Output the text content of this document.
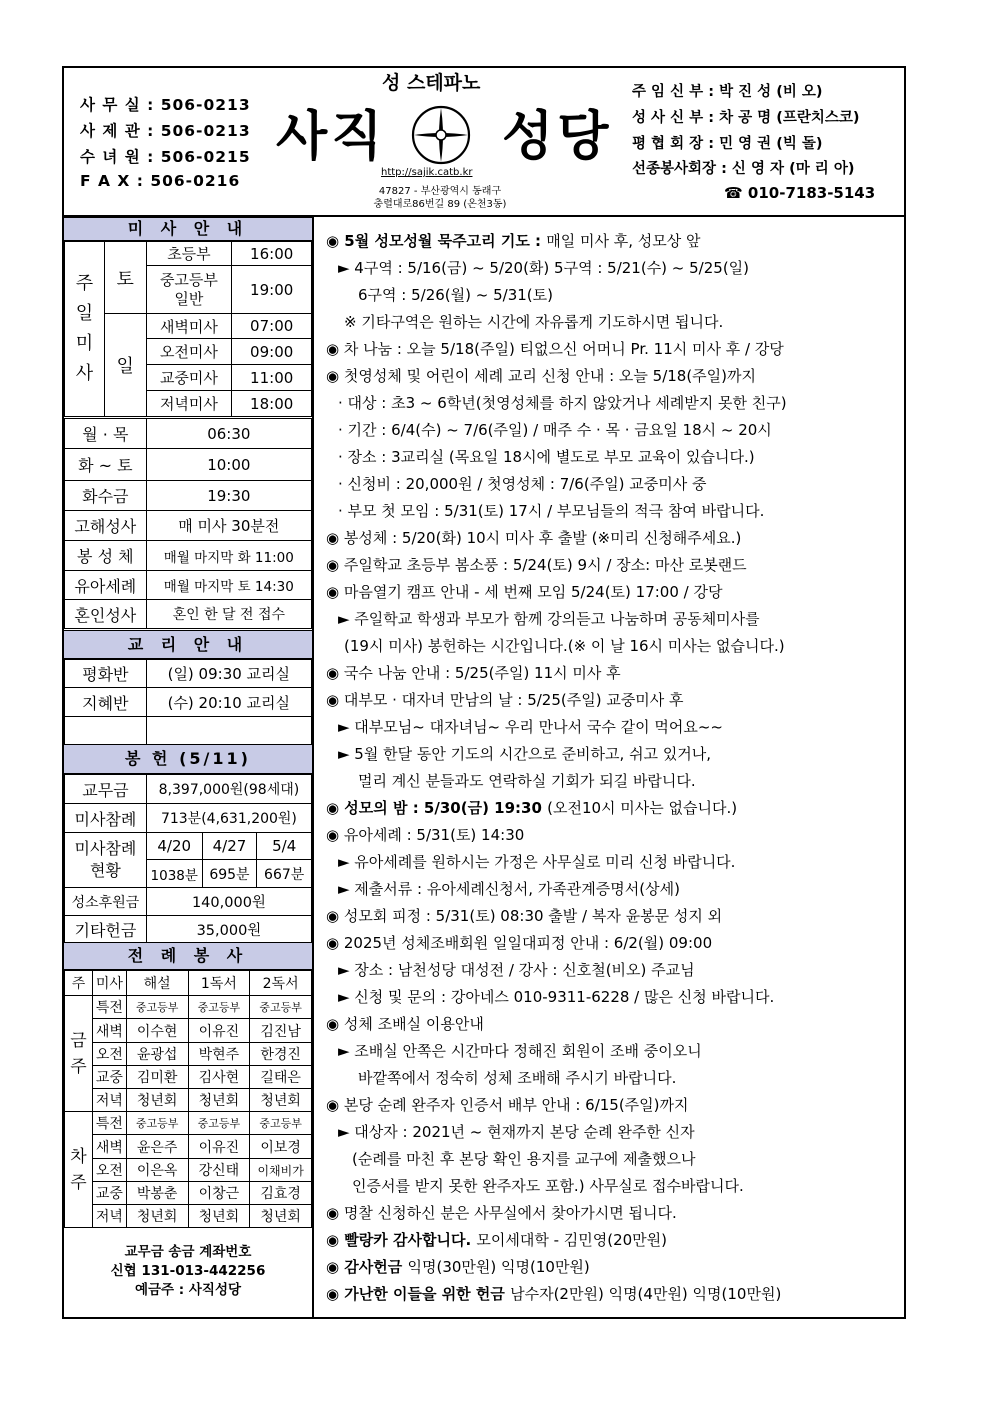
사 무 실 : 506-0213
사 제 관 : 506-0213
수 녀 원 : 506-0215
F A X : 506-0216
성 스테파노
사직 성당
http://sajik.catb.kr
47827 - 부산광역시 동래구
충렬대로86번길 89 (온천3동)
주 임 신 부 : 박 진 성 (비 오)
성 사 신 부 : 차 공 명 (프란치스코)
평 협 회 장 : 민 영 권 (빅 돌)
선종봉사회장 : 신 영 자 (마 리 아)
☎ 010-7183-5143
미 사 안 내
주 일 미 사	토	초등부	16:00
		중고등부 일반	19:00
	일	새벽미사	07:00
		오전미사	09:00
		교중미사	11:00
		저녁미사	18:00
월 · 목	06:30
화 ~ 토	10:00
화수금	19:30
고해성사	매 미사 30분전
봉 성 체	매월 마지막 화 11:00
유아세례	매월 마지막 토 14:30
혼인성사	혼인 한 달 전 접수
교 리 안 내
평화반	(일) 09:30 교리실
지혜반	(수) 20:10 교리실

봉 헌 (5/11)
교무금	8,397,000원(98세대)		
미사참례	713분(4,631,200원)		
미사참례 현황	4/20	4/27	5/4
	1038분	695분	667분
성소후원금	140,000원		
기타헌금	35,000원		
전 례 봉 사
주	미사	해설	1독서	2독서
금 주	특전	중고등부	중고등부	중고등부
	새벽	이수현	이유진	김진남
	오전	윤광섭	박현주	한경진
	교중	김미환	김사현	길태은
	저녁	청년회	청년회	청년회
차 주	특전	중고등부	중고등부	중고등부
	새벽	윤은주	이유진	이보경
	오전	이은옥	강신태	이채비가
	교중	박봉춘	이창근	김효경
	저녁	청년회	청년회	청년회
교무금 송금 계좌번호
신협 131-013-442256
예금주 : 사직성당
◉ 5월 성모성월 묵주고리 기도 : 매일 미사 후, 성모상 앞
► 4구역 : 5/16(금) ~ 5/20(화) 5구역 : 5/21(수) ~ 5/25(일)
6구역 : 5/26(월) ~ 5/31(토)
※ 기타구역은 원하는 시간에 자유롭게 기도하시면 됩니다.
◉ 차 나눔 : 오늘 5/18(주일) 티없으신 어머니 Pr. 11시 미사 후 / 강당
◉ 첫영성체 및 어린이 세례 교리 신청 안내 : 오늘 5/18(주일)까지
· 대상 : 초3 ~ 6학년(첫영성체를 하지 않았거나 세례받지 못한 친구)
· 기간 : 6/4(수) ~ 7/6(주일) / 매주 수 · 목 · 금요일 18시 ~ 20시
· 장소 : 3교리실 (목요일 18시에 별도로 부모 교육이 있습니다.)
· 신청비 : 20,000원 / 첫영성체 : 7/6(주일) 교중미사 중
· 부모 첫 모임 : 5/31(토) 17시 / 부모님들의 적극 참여 바랍니다.
◉ 봉성체 : 5/20(화) 10시 미사 후 출발 (※미리 신청해주세요.)
◉ 주일학교 초등부 봄소풍 : 5/24(토) 9시 / 장소: 마산 로봇랜드
◉ 마음열기 캠프 안내 - 세 번째 모임 5/24(토) 17:00 / 강당
► 주일학교 학생과 부모가 함께 강의듣고 나눔하며 공동체미사를
(19시 미사) 봉헌하는 시간입니다.(※ 이 날 16시 미사는 없습니다.)
◉ 국수 나눔 안내 : 5/25(주일) 11시 미사 후
◉ 대부모 · 대자녀 만남의 날 : 5/25(주일) 교중미사 후
► 대부모님~ 대자녀님~ 우리 만나서 국수 같이 먹어요~~
► 5월 한달 동안 기도의 시간으로 준비하고, 쉬고 있거나,
멀리 계신 분들과도 연락하실 기회가 되길 바랍니다.
◉ 성모의 밤 : 5/30(금) 19:30 (오전10시 미사는 없습니다.)
◉ 유아세례 : 5/31(토) 14:30
► 유아세례를 원하시는 가정은 사무실로 미리 신청 바랍니다.
► 제출서류 : 유아세례신청서, 가족관계증명서(상세)
◉ 성모회 피정 : 5/31(토) 08:30 출발 / 복자 윤봉문 성지 외
◉ 2025년 성체조배회원 일일대피정 안내 : 6/2(월) 09:00
► 장소 : 남천성당 대성전 / 강사 : 신호철(비오) 주교님
► 신청 및 문의 : 강아네스 010-9311-6228 / 많은 신청 바랍니다.
◉ 성체 조배실 이용안내
► 조배실 안쪽은 시간마다 정해진 회원이 조배 중이오니
바깥쪽에서 정숙히 성체 조배해 주시기 바랍니다.
◉ 본당 순례 완주자 인증서 배부 안내 : 6/15(주일)까지
► 대상자 : 2021년 ~ 현재까지 본당 순례 완주한 신자
(순례를 마친 후 본당 확인 용지를 교구에 제출했으나
인증서를 받지 못한 완주자도 포함.) 사무실로 접수바랍니다.
◉ 명찰 신청하신 분은 사무실에서 찾아가시면 됩니다.
◉ 빨랑카 감사합니다. 모이세대학 - 김민영(20만원)
◉ 감사헌금 익명(30만원) 익명(10만원)
◉ 가난한 이들을 위한 헌금 남수자(2만원) 익명(4만원) 익명(10만원)
